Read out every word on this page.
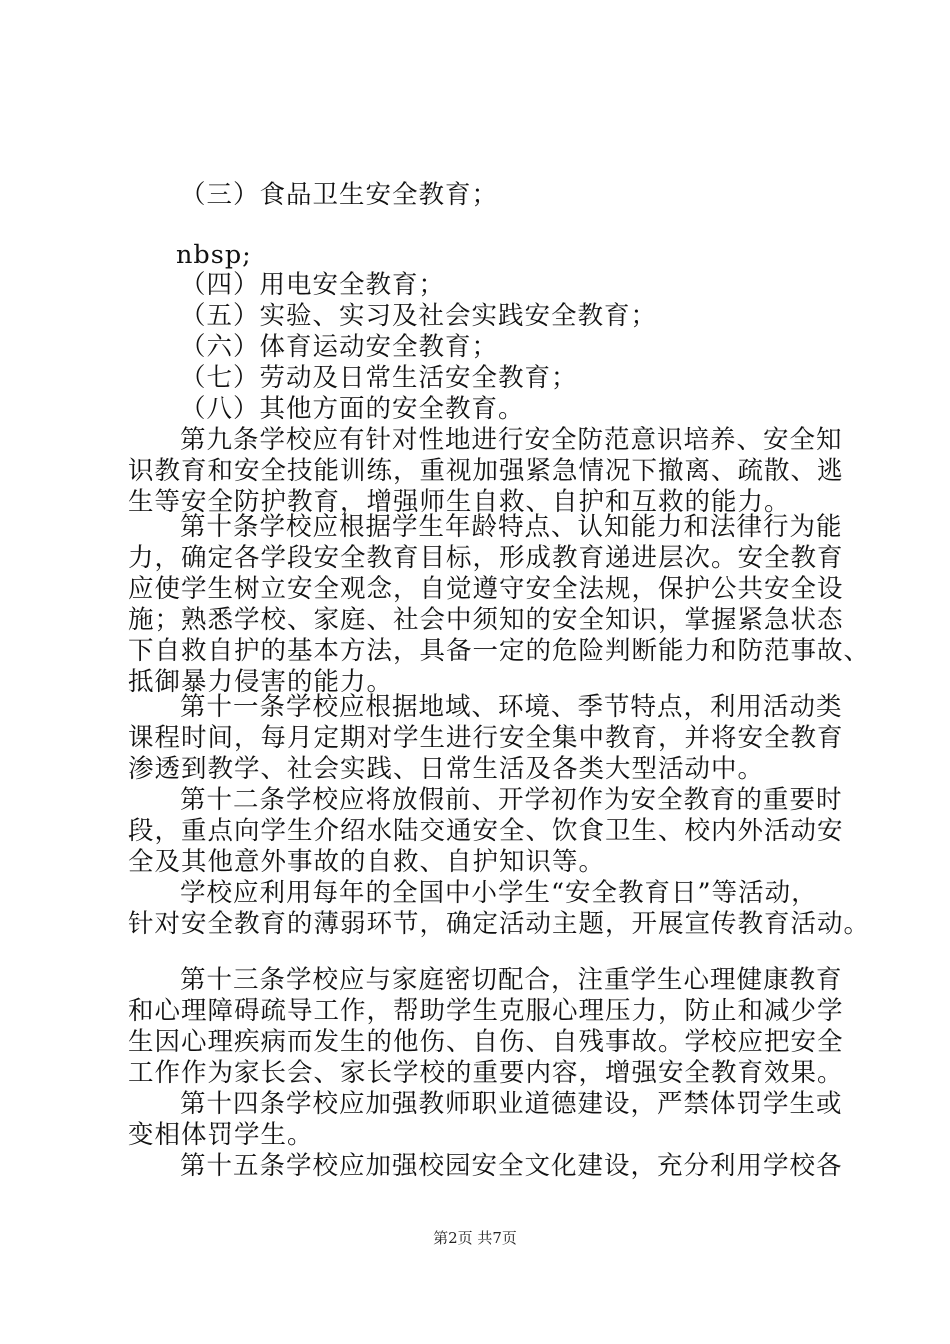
（三）食品卫生安全教育；
nbsp;
（四）用电安全教育；
（五）实验、实习及社会实践安全教育；
（六）体育运动安全教育；
（七）劳动及日常生活安全教育；
（八）其他方面的安全教育。
第九条学校应有针对性地进行安全防范意识培养、安全知
识教育和安全技能训练，重视加强紧急情况下撤离、疏散、逃
生等安全防护教育，增强师生自救、自护和互救的能力。
第十条学校应根据学生年龄特点、认知能力和法律行为能
力，确定各学段安全教育目标，形成教育递进层次。安全教育
应使学生树立安全观念，自觉遵守安全法规，保护公共安全设
施；熟悉学校、家庭、社会中须知的安全知识，掌握紧急状态
下自救自护的基本方法，具备一定的危险判断能力和防范事故、
抵御暴力侵害的能力。
第十一条学校应根据地域、环境、季节特点，利用活动类
课程时间，每月定期对学生进行安全集中教育，并将安全教育
渗透到教学、社会实践、日常生活及各类大型活动中。
第十二条学校应将放假前、开学初作为安全教育的重要时
段，重点向学生介绍水陆交通安全、饮食卫生、校内外活动安
全及其他意外事故的自救、自护知识等。
学校应利用每年的全国中小学生“安全教育日”等活动，
针对安全教育的薄弱环节，确定活动主题，开展宣传教育活动。
第十三条学校应与家庭密切配合，注重学生心理健康教育
和心理障碍疏导工作，帮助学生克服心理压力，防止和减少学
生因心理疾病而发生的他伤、自伤、自残事故。学校应把安全
工作作为家长会、家长学校的重要内容，增强安全教育效果。
第十四条学校应加强教师职业道德建设，严禁体罚学生或
变相体罚学生。
第十五条学校应加强校园安全文化建设，充分利用学校各
第2页 共7页
